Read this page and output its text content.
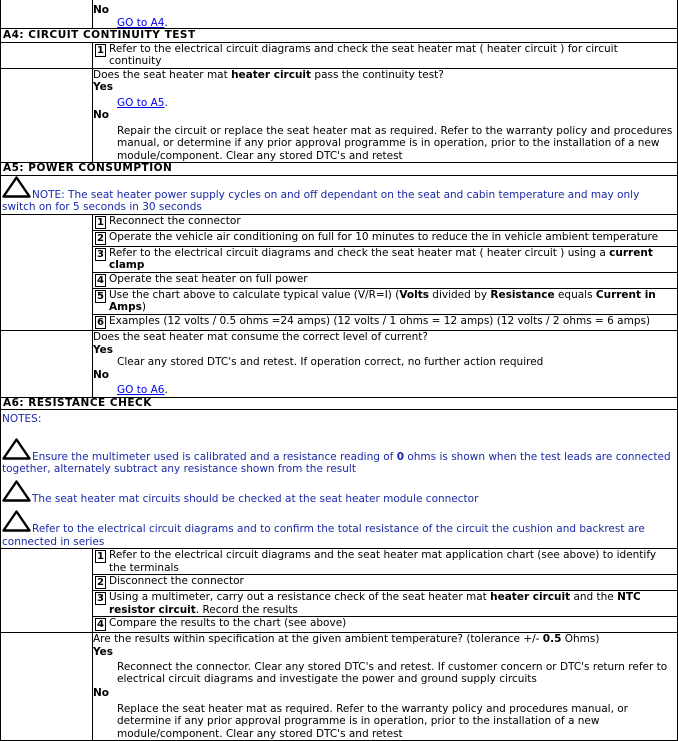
No
GO to A4.
A4: CIRCUIT CONTINUITY TEST
1 Refer to the electrical circuit diagrams and check the seat heater mat ( heater circuit ) for circuit continuity
Does the seat heater mat heater circuit pass the continuity test?
Yes
GO to A5.
No
Repair the circuit or replace the seat heater mat as required. Refer to the warranty policy and procedures manual, or determine if any prior approval programme is in operation, prior to the installation of a new module/component. Clear any stored DTC's and retest
A5: POWER CONSUMPTION
NOTE: The seat heater power supply cycles on and off dependant on the seat and cabin temperature and may only switch on for 5 seconds in 30 seconds
1 Reconnect the connector
2 Operate the vehicle air conditioning on full for 10 minutes to reduce the in vehicle ambient temperature
3 Refer to the electrical circuit diagrams and check the seat heater mat ( heater circuit ) using a current clamp
4 Operate the seat heater on full power
5 Use the chart above to calculate typical value (V/R=I) (Volts divided by Resistance equals Current in Amps)
6 Examples (12 volts / 0.5 ohms =24 amps) (12 volts / 1 ohms = 12 amps) (12 volts / 2 ohms = 6 amps)
Does the seat heater mat consume the correct level of current?
Yes
Clear any stored DTC's and retest. If operation correct, no further action required
No
GO to A6.
A6: RESISTANCE CHECK
NOTES:
Ensure the multimeter used is calibrated and a resistance reading of 0 ohms is shown when the test leads are connected together, alternately subtract any resistance shown from the result
The seat heater mat circuits should be checked at the seat heater module connector
Refer to the electrical circuit diagrams and to confirm the total resistance of the circuit the cushion and backrest are connected in series
1 Refer to the electrical circuit diagrams and the seat heater mat application chart (see above) to identify the terminals
2 Disconnect the connector
3 Using a multimeter, carry out a resistance check of the seat heater mat heater circuit and the NTC resistor circuit. Record the results
4 Compare the results to the chart (see above)
Are the results within specification at the given ambient temperature? (tolerance +/- 0.5 Ohms)
Yes
Reconnect the connector. Clear any stored DTC's and retest. If customer concern or DTC's return refer to electrical circuit diagrams and investigate the power and ground supply circuits
No
Replace the seat heater mat as required. Refer to the warranty policy and procedures manual, or determine if any prior approval programme is in operation, prior to the installation of a new module/component. Clear any stored DTC's and retest
